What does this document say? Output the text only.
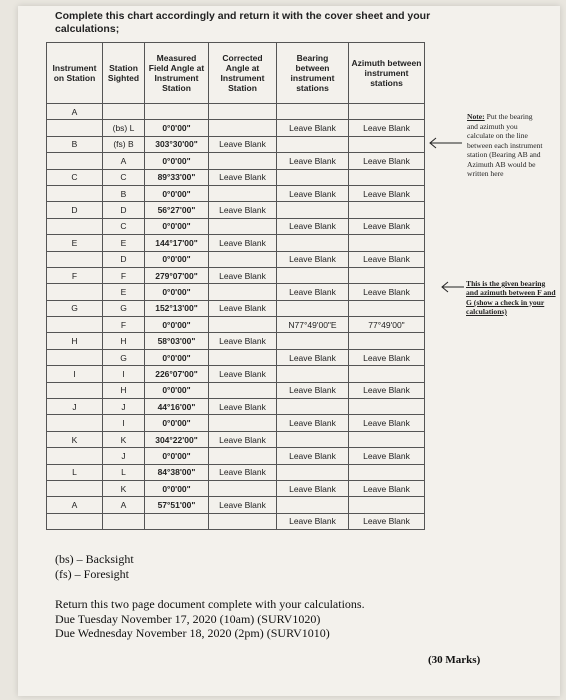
Complete this chart accordingly and return it with the cover sheet and your calculations;
Instrument on Station	Station Sighted	Measured Field Angle at Instrument Station	Corrected Angle at Instrument Station	Bearing between instrument stations	Azimuth between instrument stations
A					
	(bs) L	0°0'00"		Leave Blank	Leave Blank
B	(fs) B	303°30'00"	Leave Blank		
	A	0°0'00"		Leave Blank	Leave Blank
C	C	89°33'00"	Leave Blank		
	B	0°0'00"		Leave Blank	Leave Blank
D	D	56°27'00"	Leave Blank		
	C	0°0'00"		Leave Blank	Leave Blank
E	E	144°17'00"	Leave Blank		
	D	0°0'00"		Leave Blank	Leave Blank
F	F	279°07'00"	Leave Blank		
	E	0°0'00"		Leave Blank	Leave Blank
G	G	152°13'00"	Leave Blank		
	F	0°0'00"		N77°49'00"E	77°49'00"
H	H	58°03'00"	Leave Blank		
	G	0°0'00"		Leave Blank	Leave Blank
I	I	226°07'00"	Leave Blank		
	H	0°0'00"		Leave Blank	Leave Blank
J	J	44°16'00"	Leave Blank		
	I	0°0'00"		Leave Blank	Leave Blank
K	K	304°22'00"	Leave Blank		
	J	0°0'00"		Leave Blank	Leave Blank
L	L	84°38'00"	Leave Blank		
	K	0°0'00"		Leave Blank	Leave Blank
A	A	57°51'00"	Leave Blank		
				Leave Blank	Leave Blank
Note: Put the bearing and azimuth you calculate on the line between each instrument station (Bearing AB and Azimuth AB would be written here
This is the given bearing and azimuth between F and G (show a check in your calculations)

(bs) – Backsight

(fs) – Foresight

Return this two page document complete with your calculations.

Due Tuesday November 17, 2020 (10am) (SURV1020)

Due Wednesday November 18, 2020 (2pm) (SURV1010)

(30 Marks)
